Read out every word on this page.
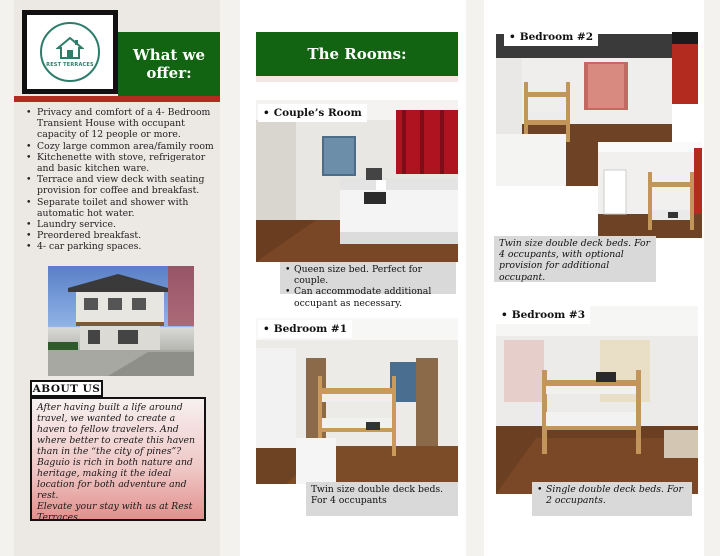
REST TERRACES
What we offer:
• Privacy and comfort of a 4- Bedroom Transient House with occupant capacity of 12 people or more.
• Cozy large common area/family room
• Kitchenette with stove, refrigerator and basic kitchen ware.
• Terrace and view deck with seating provision for coffee and breakfast.
• Separate toilet and shower with automatic hot water.
• Laundry service.
• Preordered breakfast.
• 4- car parking spaces.
ABOUT US

After having built a life around travel, we wanted to create a haven to fellow travelers. And where better to create this haven than in the “the city of pines”?

Baguio is rich in both nature and heritage, making it the ideal location for both adventure and rest.

Elevate your stay with us at Rest Terraces.

The Rooms:
• Couple’s Room
• Queen size bed. Perfect for couple.
• Can accommodate additional occupant as necessary.
• Bedroom #1

Twin size double deck beds. For 4 occupants

• Bedroom #2

Twin size double deck beds. For 4 occupants, with optional provision for additional occupant.

• Bedroom #3
• Single double deck beds. For 2 occupants.
